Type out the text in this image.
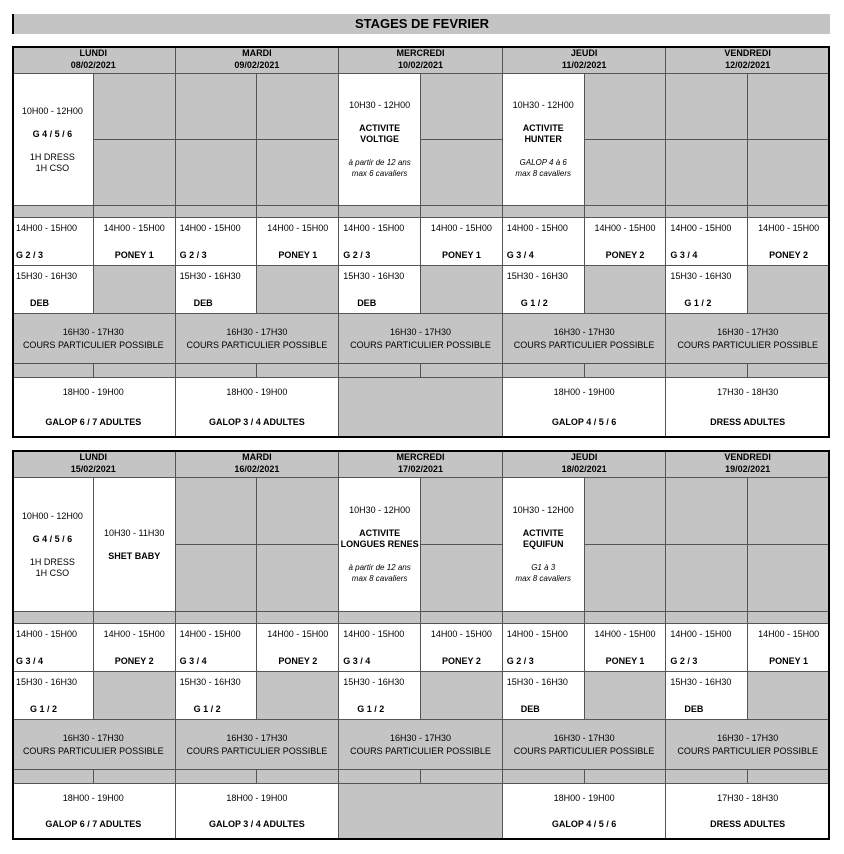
STAGES DE FEVRIER
LUNDI
08/02/2021
MARDI
09/02/2021
MERCREDI
10/02/2021
JEUDI
11/02/2021
VENDREDI
12/02/2021
10H00 - 12H00
G 4 / 5 / 6
1H DRESS
1H CSO
10H30 - 12H00
ACTIVITE VOLTIGE
à partir de 12 ans
max 6 cavaliers
10H30 - 12H00
ACTIVITE HUNTER
GALOP 4 à 6
max 8 cavaliers
14H00 - 15H00
G 2 / 3
14H00 - 15H00
PONEY 1
14H00 - 15H00
G 2 / 3
14H00 - 15H00
PONEY 1
14H00 - 15H00
G 2 / 3
14H00 - 15H00
PONEY 1
14H00 - 15H00
G 3 / 4
14H00 - 15H00
PONEY 2
14H00 - 15H00
G 3 / 4
14H00 - 15H00
PONEY 2
15H30 - 16H30
DEB
15H30 - 16H30
DEB
15H30 - 16H30
DEB
15H30 - 16H30
G 1 / 2
15H30 - 16H30
G 1 / 2
16H30 - 17H30
COURS PARTICULIER POSSIBLE
16H30 - 17H30
COURS PARTICULIER POSSIBLE
16H30 - 17H30
COURS PARTICULIER POSSIBLE
16H30 - 17H30
COURS PARTICULIER POSSIBLE
16H30 - 17H30
COURS PARTICULIER POSSIBLE
18H00 - 19H00
GALOP 6 / 7 ADULTES
18H00 - 19H00
GALOP 3 / 4 ADULTES
18H00 - 19H00
GALOP 4 / 5 / 6
17H30 - 18H30
DRESS ADULTES
LUNDI
15/02/2021
MARDI
16/02/2021
MERCREDI
17/02/2021
JEUDI
18/02/2021
VENDREDI
19/02/2021
10H00 - 12H00
G 4 / 5 / 6
1H DRESS
1H CSO
10H30 - 11H30
SHET BABY
10H30 - 12H00
ACTIVITE
LONGUES RENES
à partir de 12 ans
max 8 cavaliers
10H30 - 12H00
ACTIVITE
EQUIFUN
G1 à 3
max 8 cavaliers
14H00 - 15H00
G 3 / 4
14H00 - 15H00
PONEY 2
14H00 - 15H00
G 3 / 4
14H00 - 15H00
PONEY 2
14H00 - 15H00
G 3 / 4
14H00 - 15H00
PONEY 2
14H00 - 15H00
G 2 / 3
14H00 - 15H00
PONEY 1
14H00 - 15H00
G 2 / 3
14H00 - 15H00
PONEY 1
15H30 - 16H30
G 1 / 2
15H30 - 16H30
G 1 / 2
15H30 - 16H30
G 1 / 2
15H30 - 16H30
DEB
15H30 - 16H30
DEB
16H30 - 17H30
COURS PARTICULIER POSSIBLE
16H30 - 17H30
COURS PARTICULIER POSSIBLE
16H30 - 17H30
COURS PARTICULIER POSSIBLE
16H30 - 17H30
COURS PARTICULIER POSSIBLE
16H30 - 17H30
COURS PARTICULIER POSSIBLE
18H00 - 19H00
GALOP 6 / 7 ADULTES
18H00 - 19H00
GALOP 3 / 4 ADULTES
18H00 - 19H00
GALOP 4 / 5 / 6
17H30 - 18H30
DRESS ADULTES
